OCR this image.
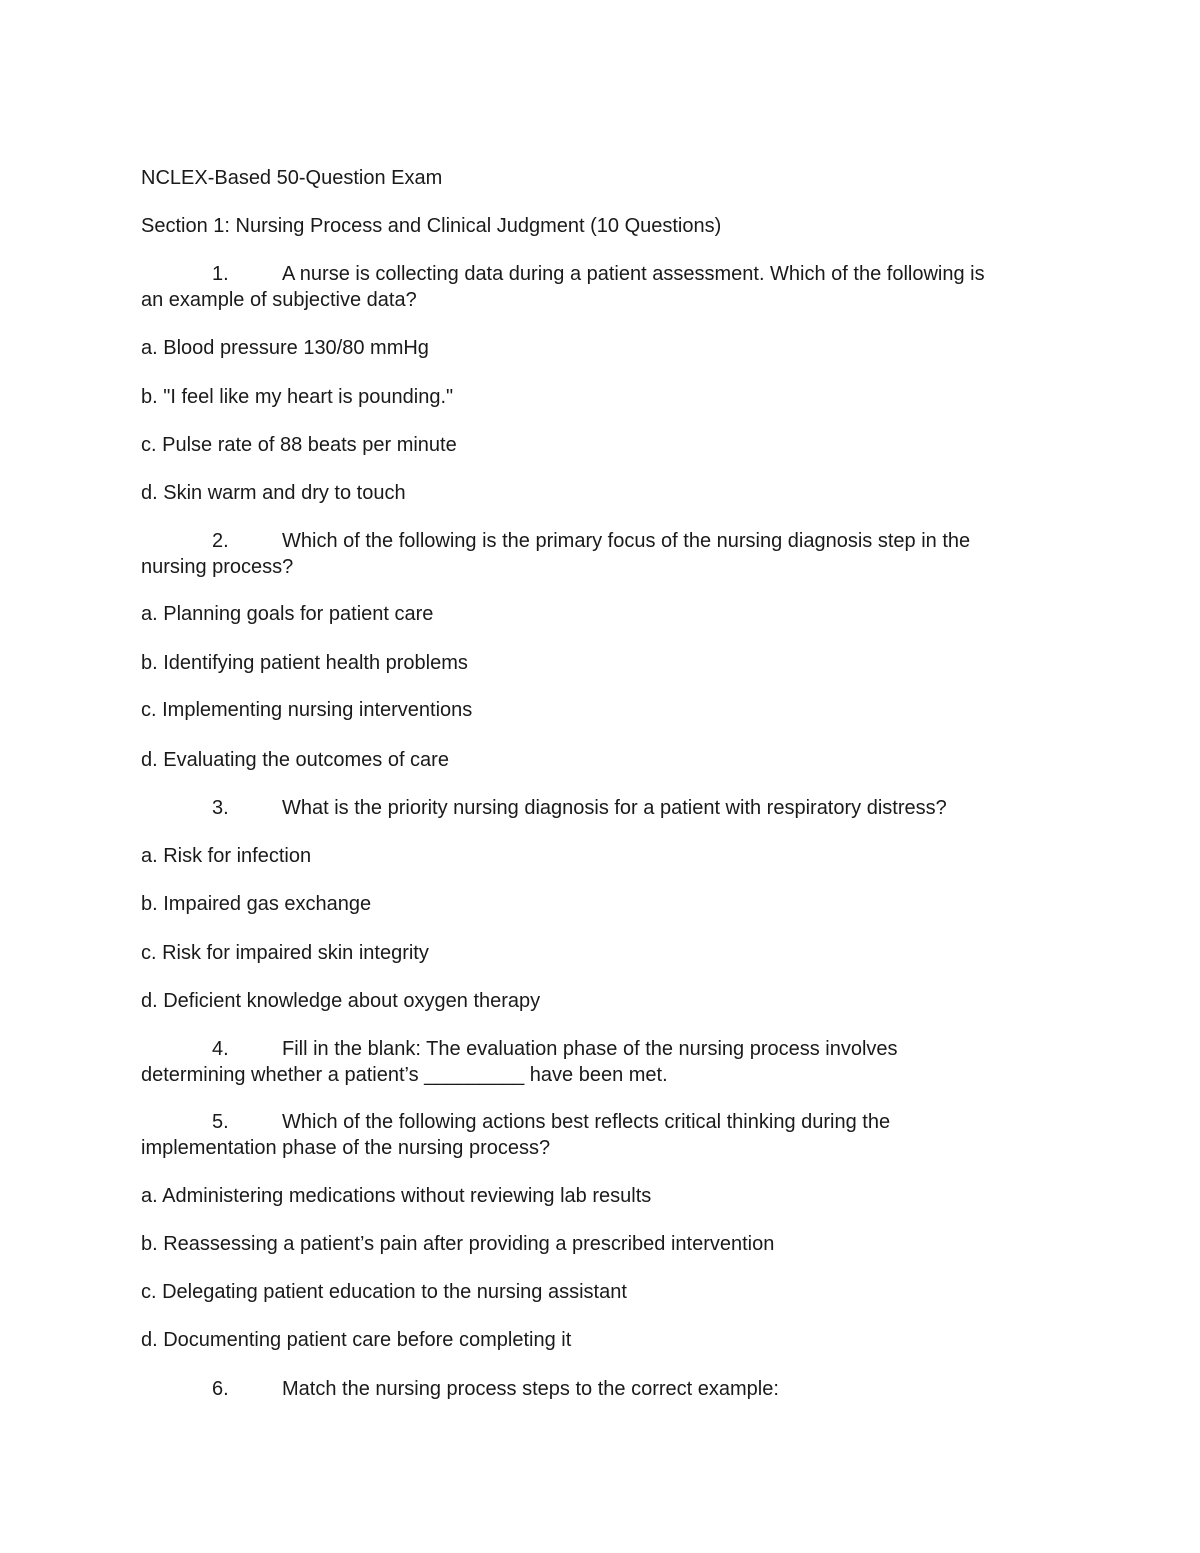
NCLEX-Based 50-Question Exam
Section 1: Nursing Process and Clinical Judgment (10 Questions)
1.	A nurse is collecting data during a patient assessment. Which of the following is
an example of subjective data?
a. Blood pressure 130/80 mmHg
b. "I feel like my heart is pounding."
c. Pulse rate of 88 beats per minute
d. Skin warm and dry to touch
2.	Which of the following is the primary focus of the nursing diagnosis step in the
nursing process?
a. Planning goals for patient care
b. Identifying patient health problems
c. Implementing nursing interventions
d. Evaluating the outcomes of care
3.	What is the priority nursing diagnosis for a patient with respiratory distress?
a. Risk for infection
b. Impaired gas exchange
c. Risk for impaired skin integrity
d. Deficient knowledge about oxygen therapy
4.	Fill in the blank: The evaluation phase of the nursing process involves
determining whether a patient’s _________ have been met.
5.	Which of the following actions best reflects critical thinking during the
implementation phase of the nursing process?
a. Administering medications without reviewing lab results
b. Reassessing a patient’s pain after providing a prescribed intervention
c. Delegating patient education to the nursing assistant
d. Documenting patient care before completing it
6.	Match the nursing process steps to the correct example:
